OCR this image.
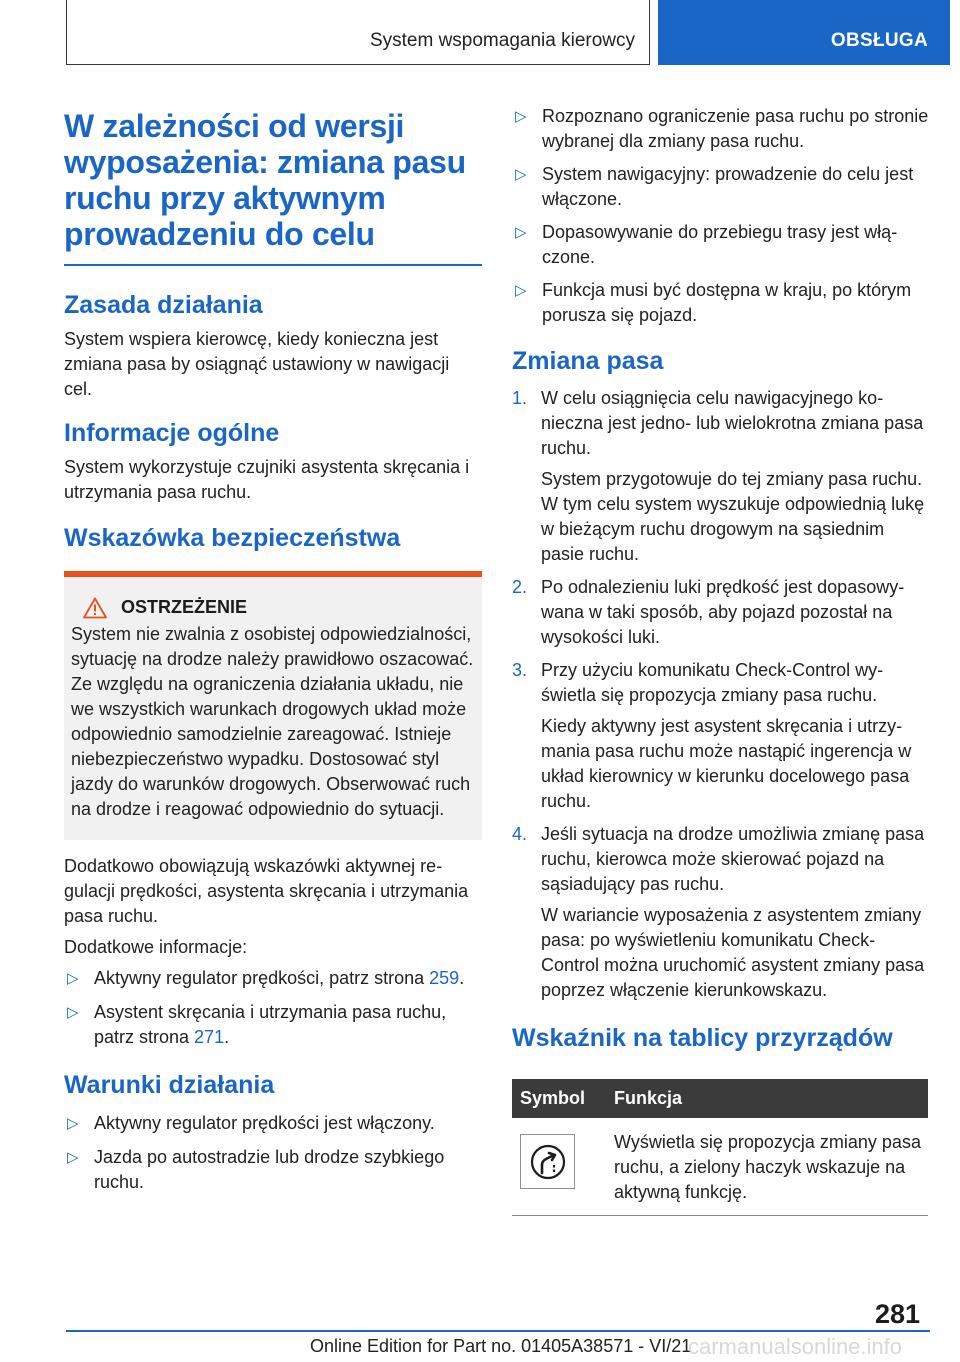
System wspomagania kierowcy	OBSŁUGA
W zależności od wersji wyposażenia: zmiana pasu ruchu przy aktywnym prowadzeniu do celu
Zasada działania

System wspiera kierowcę, kiedy konieczna jest zmiana pasa by osiągnąć ustawiony w nawigacji cel.

Informacje ogólne

System wykorzystuje czujniki asystenta skręcania i utrzymania pasa ruchu.

Wskazówka bezpieczeństwa
OSTRZEŻENIE

System nie zwalnia z osobistej odpowiedzialności, sytuację na drodze należy prawidłowo oszacować. Ze względu na ograniczenia działania układu, nie we wszystkich warunkach drogowych układ może odpowiednio samodzielnie zareagować. Istnieje niebezpieczeństwo wypadku. Dostosować styl jazdy do warunków drogowych. Obserwować ruch na drodze i reagować odpowiednio do sytuacji.

Dodatkowo obowiązują wskazówki aktywnej regulacji prędkości, asystenta skręcania i utrzymania pasa ruchu.

Dodatkowe informacje:

▷ Aktywny regulator prędkości, patrz strona 259.
▷ Asystent skręcania i utrzymania pasa ruchu, patrz strona 271.
Warunki działania
▷ Aktywny regulator prędkości jest włączony.
▷ Jazda po autostradzie lub drodze szybkiego ruchu.
▷ Rozpoznano ograniczenie pasa ruchu po stronie wybranej dla zmiany pasa ruchu.
▷ System nawigacyjny: prowadzenie do celu jest włączone.
▷ Dopasowywanie do przebiegu trasy jest włączone.
▷ Funkcja musi być dostępna w kraju, po którym porusza się pojazd.
Zmiana pasa
1. W celu osiągnięcia celu nawigacyjnego konieczna jest jedno- lub wielokrotna zmiana pasa ruchu.

System przygotowuje do tej zmiany pasa ruchu. W tym celu system wyszukuje odpowiednią lukę w bieżącym ruchu drogowym na sąsiednim pasie ruchu.

2. Po odnalezieniu luki prędkość jest dopasowywana w taki sposób, aby pojazd pozostał na wysokości luki.

3. Przy użyciu komunikatu Check-Control wyświetla się propozycja zmiany pasa ruchu.

Kiedy aktywny jest asystent skręcania i utrzymania pasa ruchu może nastąpić ingerencja w układ kierownicy w kierunku docelowego pasa ruchu.

4. Jeśli sytuacja na drodze umożliwia zmianę pasa ruchu, kierowca może skierować pojazd na sąsiadujący pas ruchu.

W wariancie wyposażenia z asystentem zmiany pasa: po wyświetleniu komunikatu Check-Control można uruchomić asystent zmiany pasa poprzez włączenie kierunkowskazu.

Wskaźnik na tablicy przyrządów
Symbol	Funkcja

	Wyświetla się propozycja zmiany pasa ruchu, a zielony haczyk wskazuje na aktywną funkcję.
281
Online Edition for Part no. 01405A38571 - VI/21
carmanualsonline.info
